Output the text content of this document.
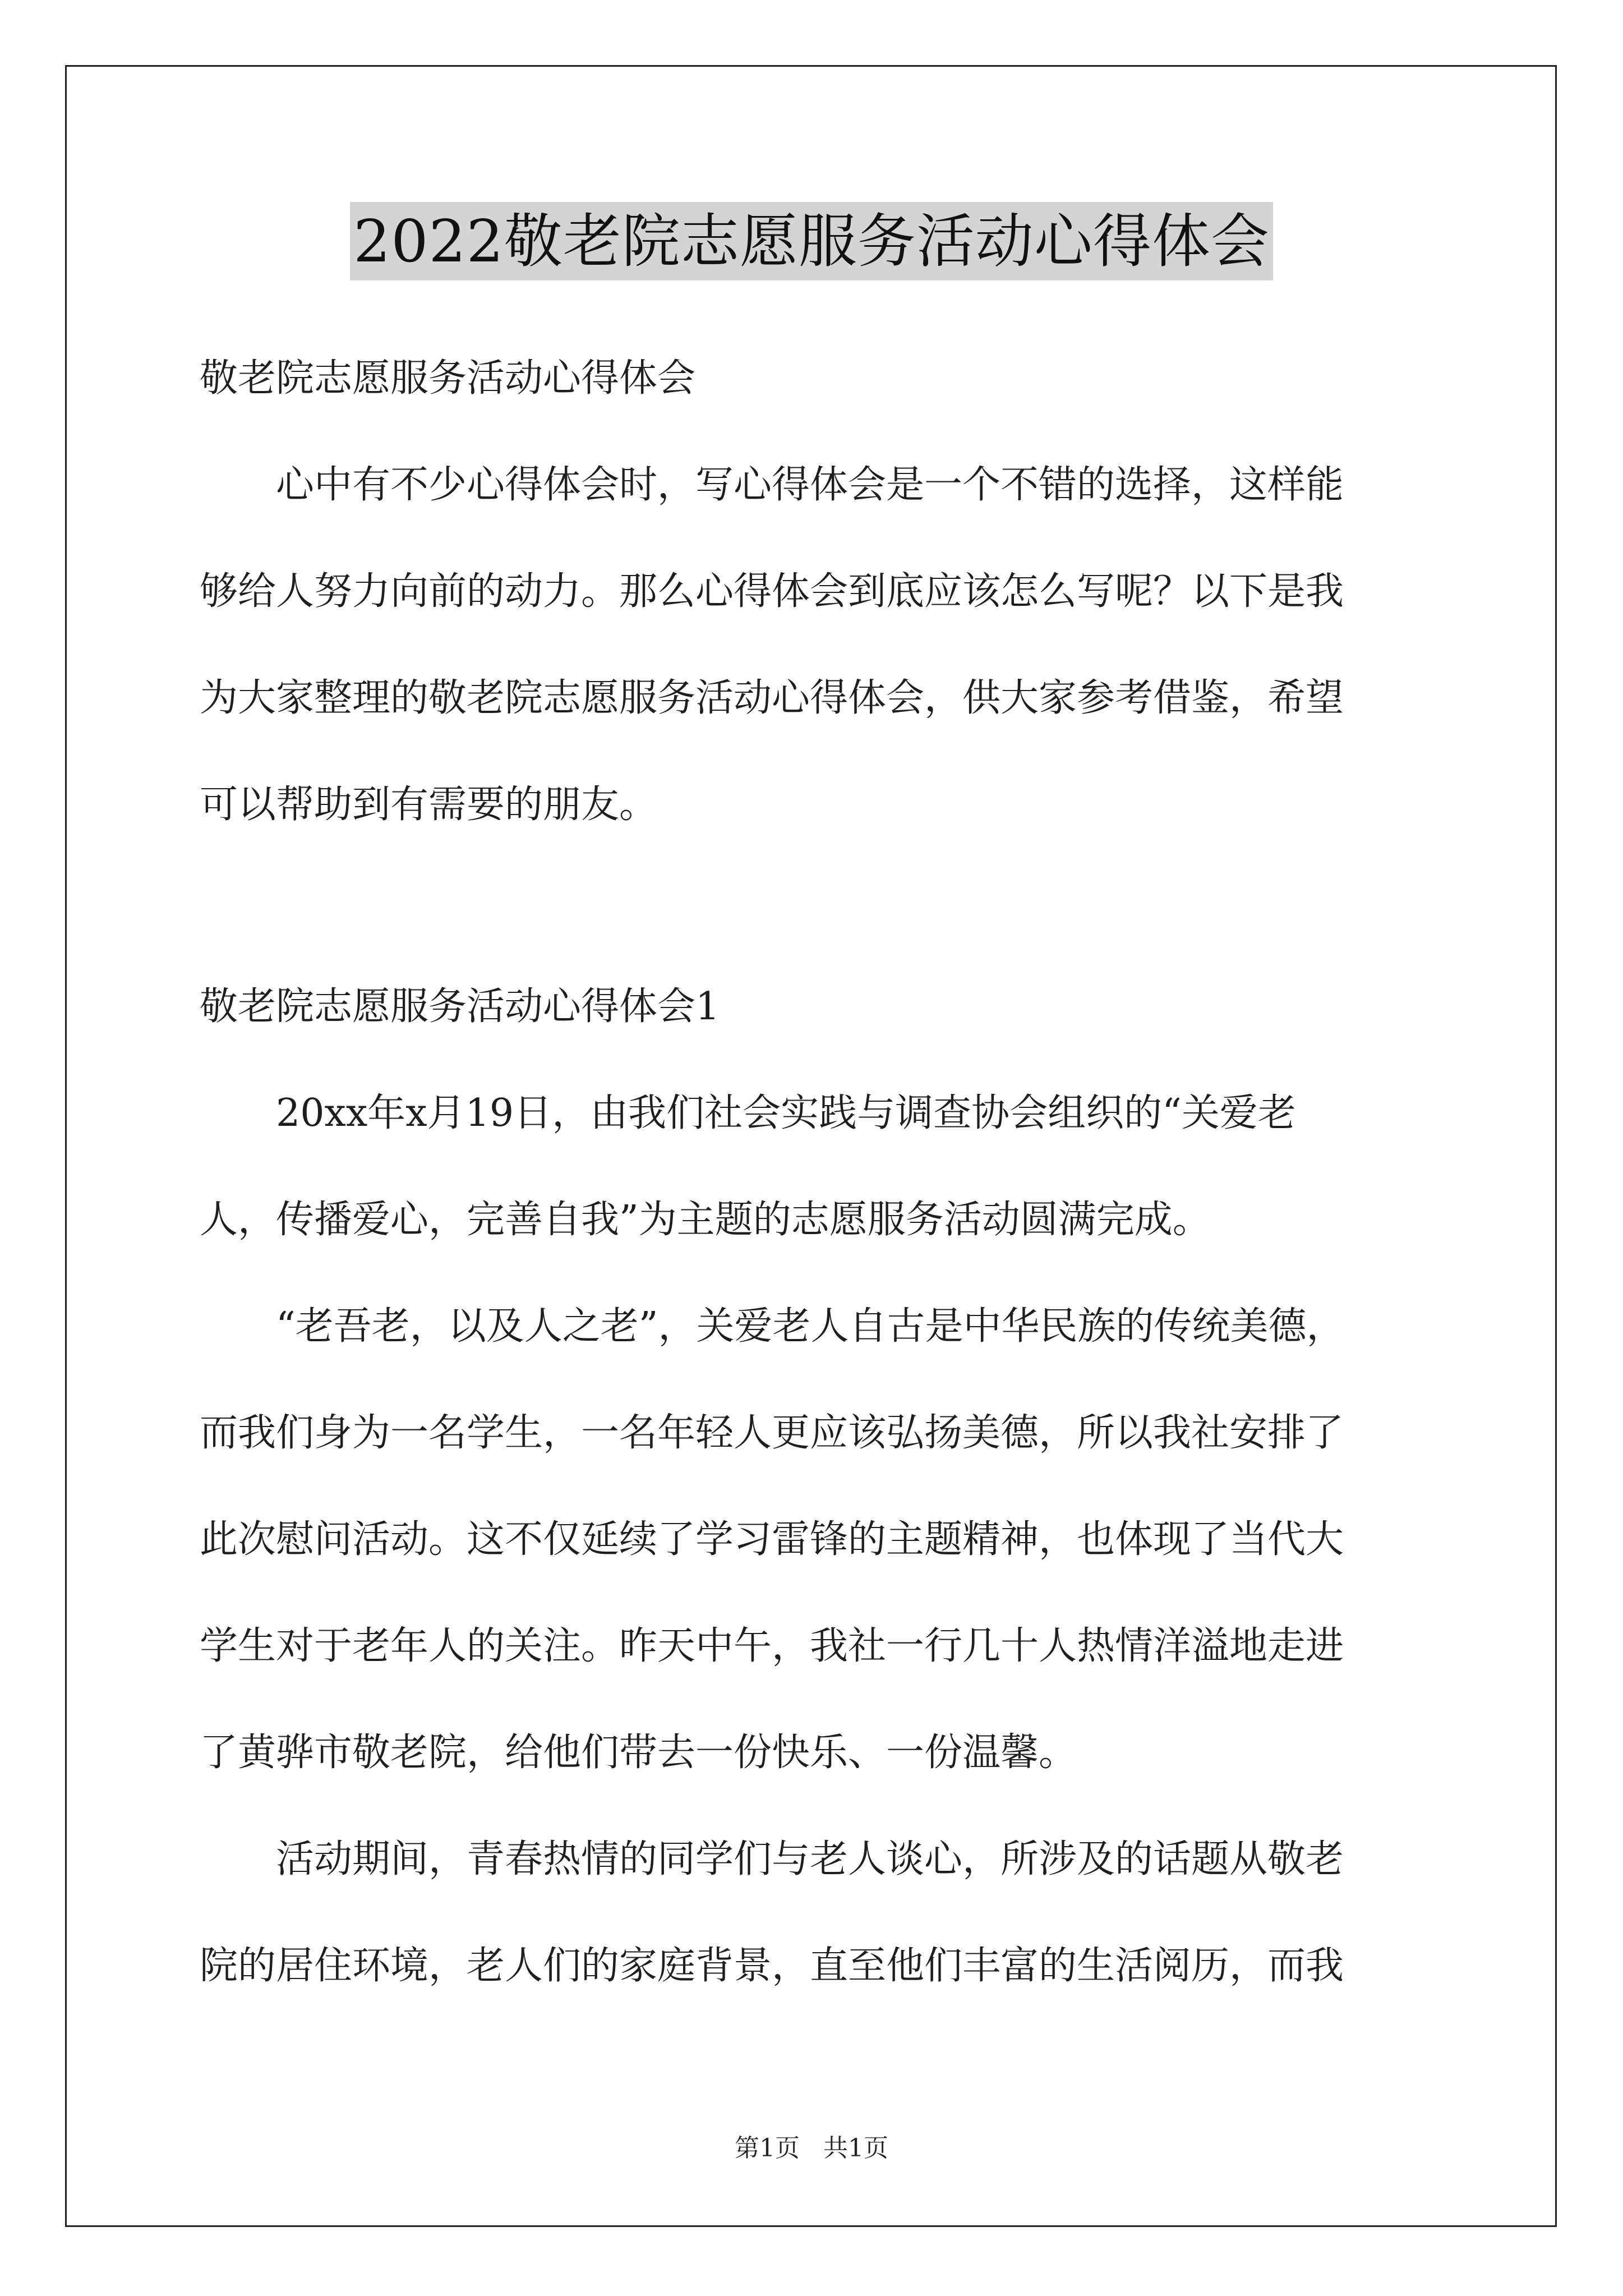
2022敬老院志愿服务活动心得体会
敬老院志愿服务活动心得体会
心中有不少心得体会时，写心得体会是一个不错的选择，这样能
够给人努力向前的动力。那么心得体会到底应该怎么写呢？以下是我
为大家整理的敬老院志愿服务活动心得体会，供大家参考借鉴，希望
可以帮助到有需要的朋友。
敬老院志愿服务活动心得体会1
20xx年x月19日，由我们社会实践与调查协会组织的“关爱老
人，传播爱心，完善自我”为主题的志愿服务活动圆满完成。
“老吾老，以及人之老”，关爱老人自古是中华民族的传统美德，
而我们身为一名学生，一名年轻人更应该弘扬美德，所以我社安排了
此次慰问活动。这不仅延续了学习雷锋的主题精神，也体现了当代大
学生对于老年人的关注。昨天中午，我社一行几十人热情洋溢地走进
了黄骅市敬老院，给他们带去一份快乐、一份温馨。
活动期间，青春热情的同学们与老人谈心，所涉及的话题从敬老
院的居住环境，老人们的家庭背景，直至他们丰富的生活阅历，而我
第1页 共1页
